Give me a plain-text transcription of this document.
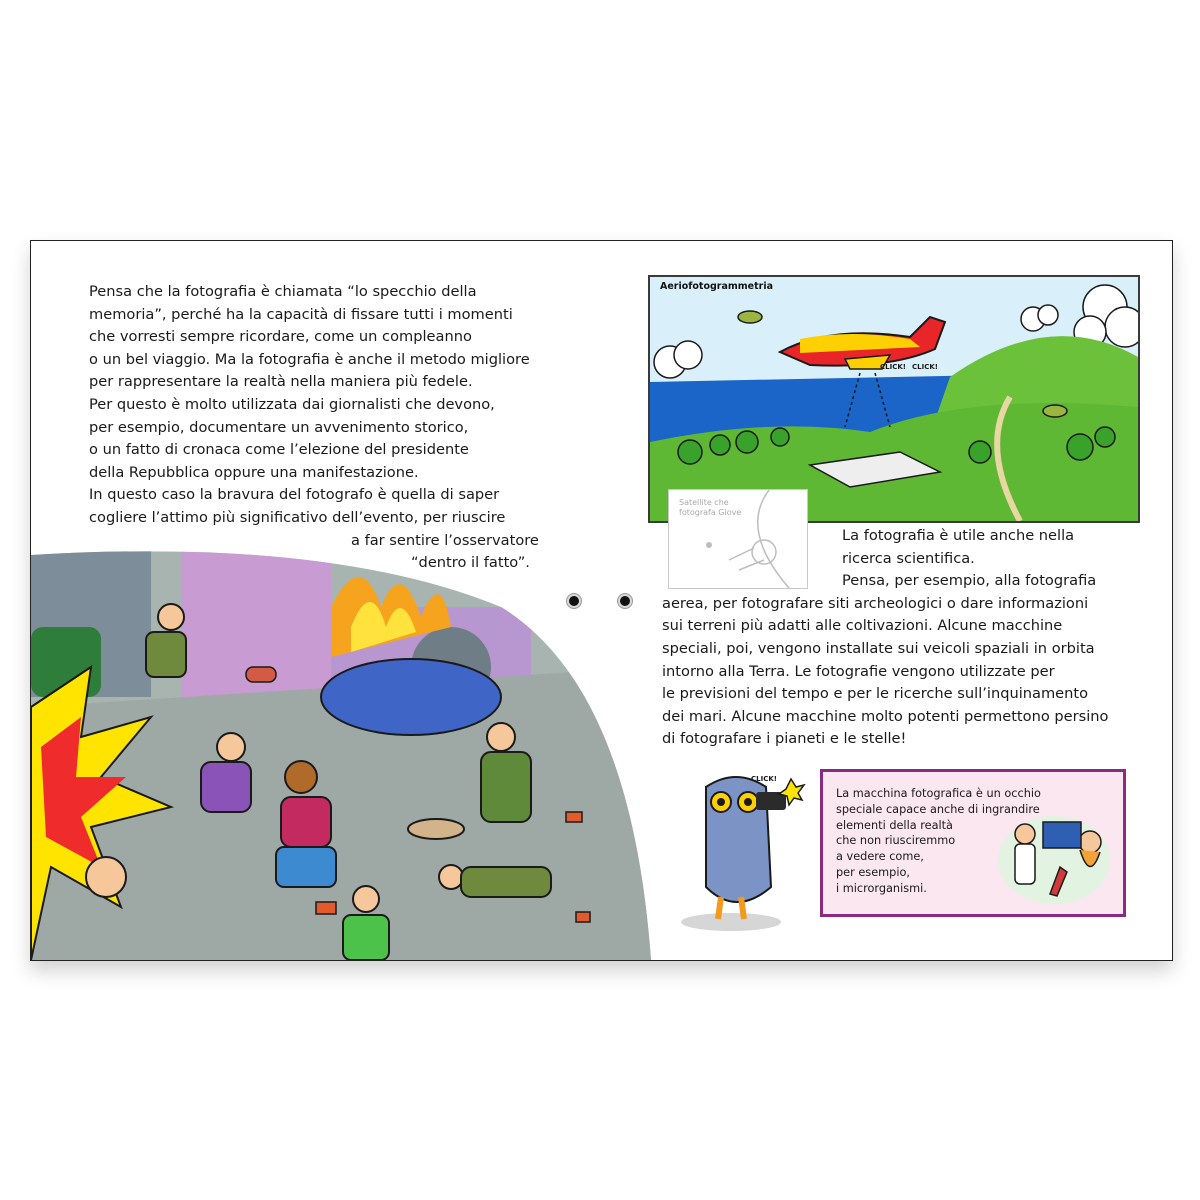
Pensa che la fotografia è chiamata “lo specchio della
memoria”, perché ha la capacità di fissare tutti i momenti
che vorresti sempre ricordare, come un compleanno
o un bel viaggio. Ma la fotografia è anche il metodo migliore
per rappresentare la realtà nella maniera più fedele.
Per questo è molto utilizzata dai giornalisti che devono,
per esempio, documentare un avvenimento storico,
o un fatto di cronaca come l’elezione del presidente
della Repubblica oppure una manifestazione.
In questo caso la bravura del fotografo è quella di saper
cogliere l’attimo più significativo dell’evento, per riuscire
a far sentire l’osservatore
“dentro il fatto”.

CLICK! CLICK!
Aeriofotogrammetria
Satellite che
fotografa Giove

La fotografia è utile anche nella
ricerca scientifica.
Pensa, per esempio, alla fotografia
aerea, per fotografare siti archeologici o dare informazioni
sui terreni più adatti alle coltivazioni. Alcune macchine
speciali, poi, vengono installate sui veicoli spaziali in orbita
intorno alla Terra. Le fotografie vengono utilizzate per
le previsioni del tempo e per le ricerche sull’inquinamento
dei mari. Alcune macchine molto potenti permettono persino
di fotografare i pianeti e le stelle!

CLICK!

La macchina fotografica è un occhio
speciale capace anche di ingrandire
elementi della realtà
che non riusciremmo
a vedere come,
per esempio,
i microrganismi.
